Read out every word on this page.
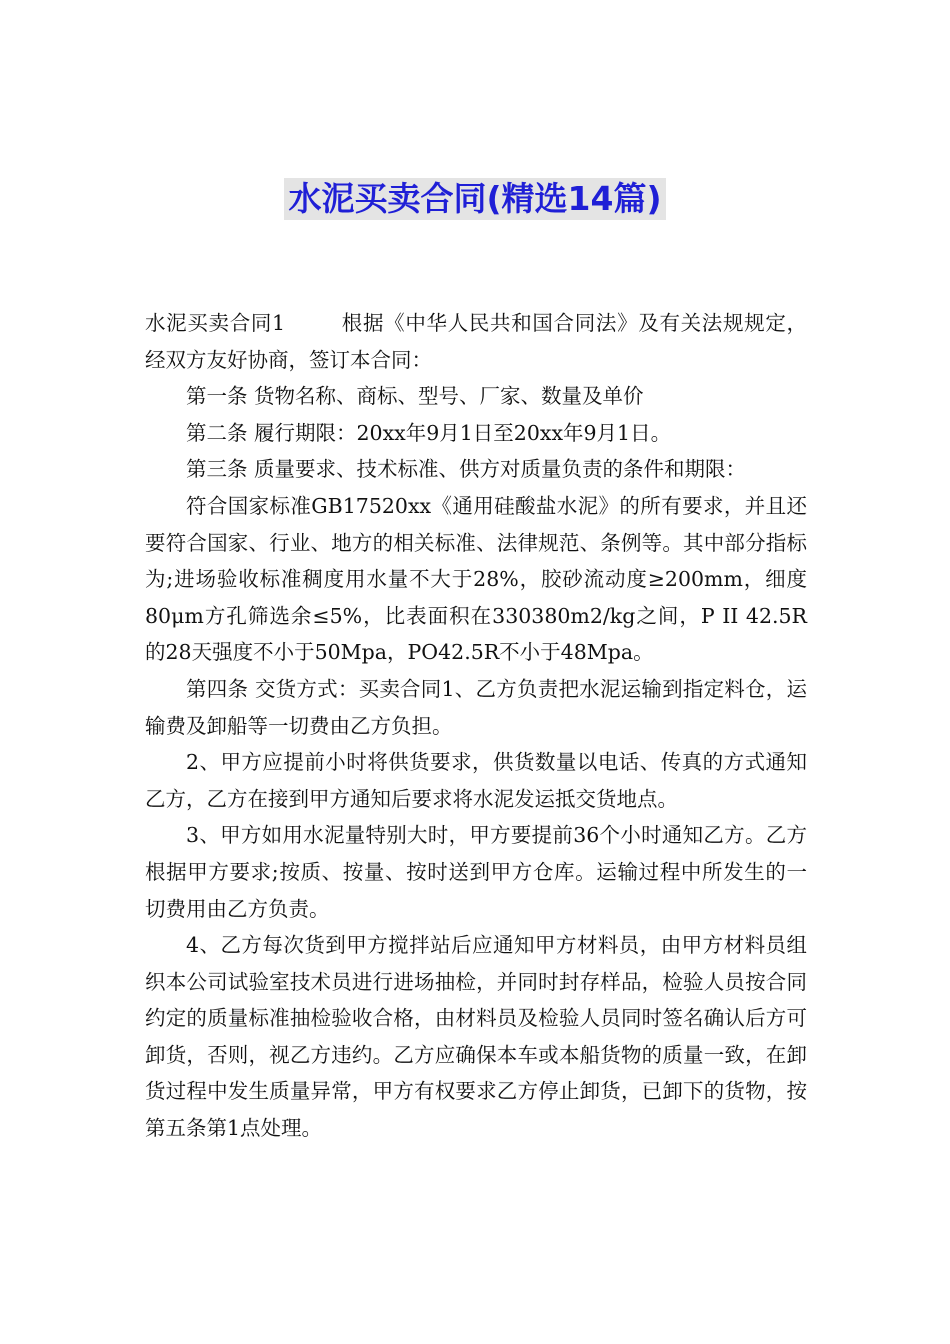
水泥买卖合同(精选14篇)

水泥买卖合同1	根据《中华人民共和国合同法》及有关法规规定，经双方友好协商，签订本合同：

第一条 货物名称、商标、型号、厂家、数量及单价

第二条 履行期限：20xx年9月1日至20xx年9月1日。

第三条 质量要求、技术标准、供方对质量负责的条件和期限：

符合国家标准GB17520xx《通用硅酸盐水泥》的所有要求，并且还要符合国家、行业、地方的相关标准、法律规范、条例等。其中部分指标为;进场验收标准稠度用水量不大于28%，胶砂流动度≥200mm，细度80μm方孔筛选余≤5%，比表面积在330380m2/kg之间，P II 42.5R的28天强度不小于50Mpa，PO42.5R不小于48Mpa。

第四条 交货方式：买卖合同1、乙方负责把水泥运输到指定料仓，运输费及卸船等一切费由乙方负担。

2、甲方应提前小时将供货要求，供货数量以电话、传真的方式通知乙方，乙方在接到甲方通知后要求将水泥发运抵交货地点。

3、甲方如用水泥量特别大时，甲方要提前36个小时通知乙方。乙方根据甲方要求;按质、按量、按时送到甲方仓库。运输过程中所发生的一切费用由乙方负责。

4、乙方每次货到甲方搅拌站后应通知甲方材料员，由甲方材料员组织本公司试验室技术员进行进场抽检，并同时封存样品，检验人员按合同约定的质量标准抽检验收合格，由材料员及检验人员同时签名确认后方可卸货，否则，视乙方违约。乙方应确保本车或本船货物的质量一致，在卸货过程中发生质量异常，甲方有权要求乙方停止卸货，已卸下的货物，按第五条第1点处理。
